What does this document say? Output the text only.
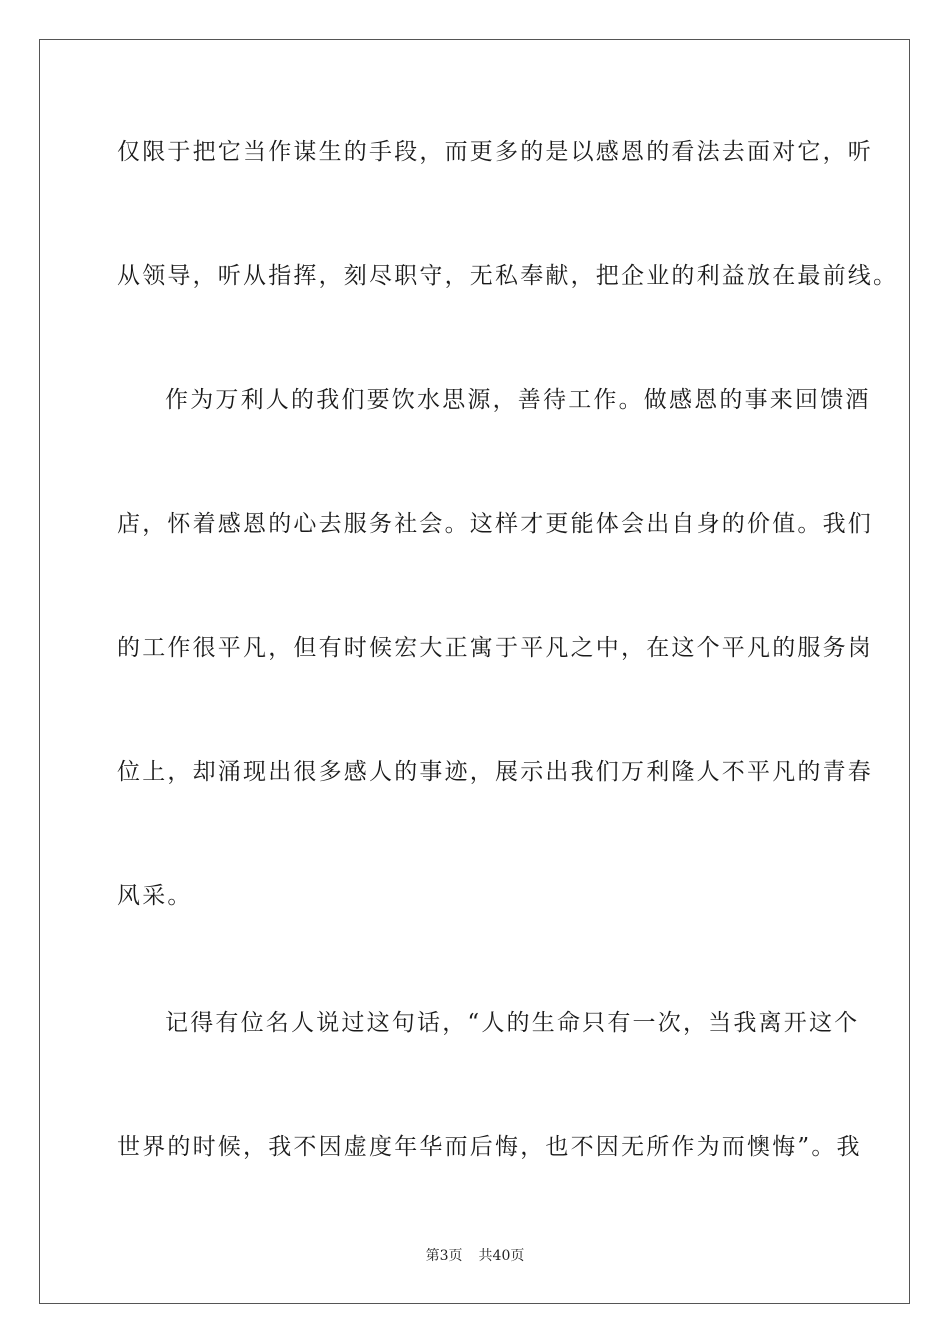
仅限于把它当作谋生的手段，而更多的是以感恩的看法去面对它，听
从领导，听从指挥，刻尽职守，无私奉献，把企业的利益放在最前线。
作为万利人的我们要饮水思源，善待工作。做感恩的事来回馈酒
店，怀着感恩的心去服务社会。这样才更能体会出自身的价值。我们
的工作很平凡，但有时候宏大正寓于平凡之中，在这个平凡的服务岗
位上，却涌现出很多感人的事迹，展示出我们万利隆人不平凡的青春
风采。
记得有位名人说过这句话，“人的生命只有一次，当我离开这个
世界的时候，我不因虚度年华而后悔，也不因无所作为而懊悔”。我
第3页 共40页
